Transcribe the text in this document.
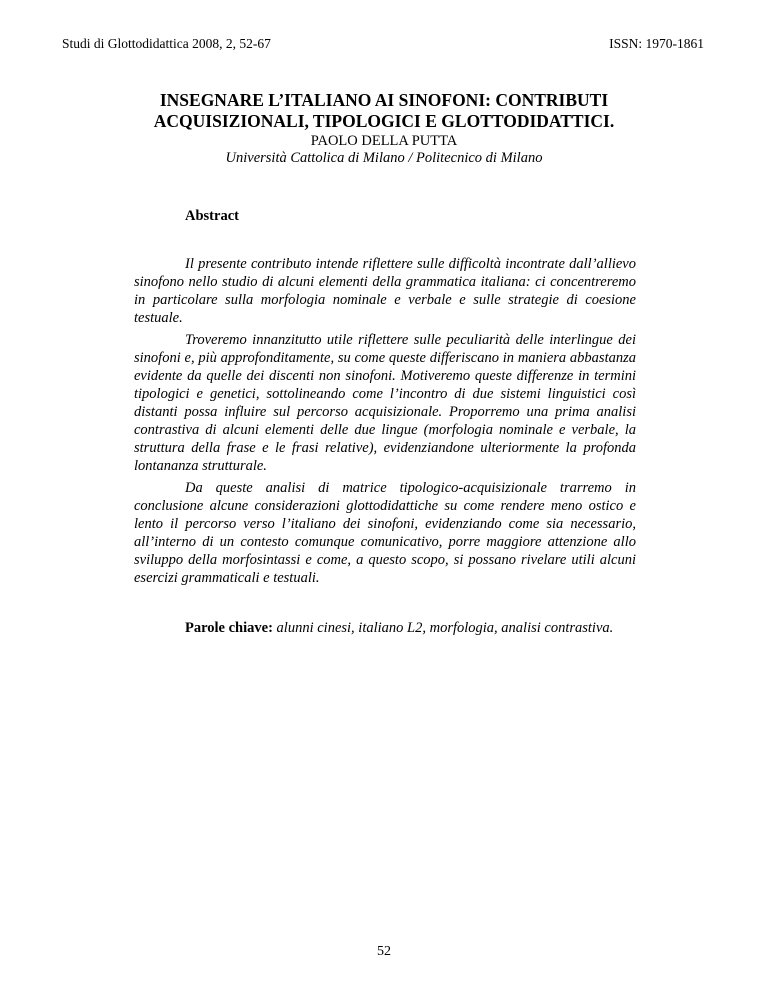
Studi di Glottodidattica 2008, 2, 52-67	ISSN: 1970-1861
INSEGNARE L’ITALIANO AI SINOFONI: CONTRIBUTI
ACQUISIZIONALI, TIPOLOGICI E GLOTTODIDATTICI.
PAOLO DELLA PUTTA
Università Cattolica di Milano / Politecnico di Milano
Abstract

Il presente contributo intende riflettere sulle difficoltà incontrate dall’allievo sinofono nello studio di alcuni elementi della grammatica italiana: ci concentreremo in particolare sulla morfologia nominale e verbale e sulle strategie di coesione testuale.

Troveremo innanzitutto utile riflettere sulle peculiarità delle interlingue dei sinofoni e, più approfonditamente, su come queste differiscano in maniera abbastanza evidente da quelle dei discenti non sinofoni. Motiveremo queste differenze in termini tipologici e genetici, sottolineando come l’incontro di due sistemi linguistici così distanti possa influire sul percorso acquisizionale. Proporremo una prima analisi contrastiva di alcuni elementi delle due lingue (morfologia nominale e verbale, la struttura della frase e le frasi relative), evidenziandone ulteriormente la profonda lontananza strutturale.

Da queste analisi di matrice tipologico-acquisizionale trarremo in conclusione alcune considerazioni glottodidattiche su come rendere meno ostico e lento il percorso verso l’italiano dei sinofoni, evidenziando come sia necessario, all’interno di un contesto comunque comunicativo, porre maggiore attenzione allo sviluppo della morfosintassi e come, a questo scopo, si possano rivelare utili alcuni esercizi grammaticali e testuali.

Parole chiave: alunni cinesi, italiano L2, morfologia, analisi contrastiva.
52
